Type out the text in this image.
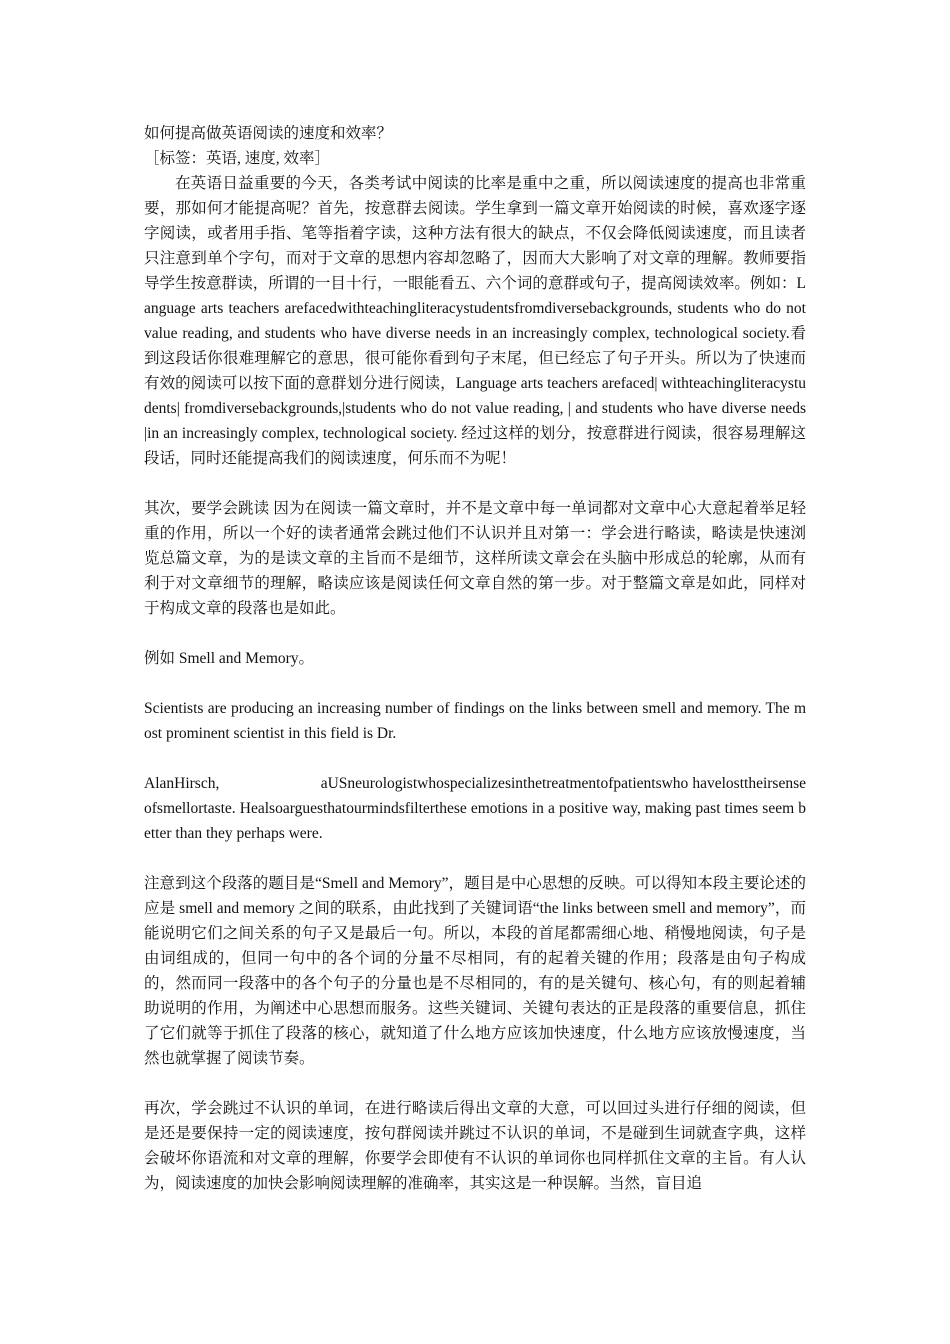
如何提高做英语阅读的速度和效率？

［标签：英语, 速度, 效率］

在英语日益重要的今天，各类考试中阅读的比率是重中之重，所以阅读速度的提高也非常重要，那如何才能提高呢？首先，按意群去阅读。学生拿到一篇文章开始阅读的时候，喜欢逐字逐字阅读，或者用手指、笔等指着字读，这种方法有很大的缺点，不仅会降低阅读速度，而且读者只注意到单个字句，而对于文章的思想内容却忽略了，因而大大影响了对文章的理解。教师要指导学生按意群读，所谓的一目十行，一眼能看五、六个词的意群或句子，提高阅读效率。例如：Language arts teachers arefacedwithteachingliteracystudentsfromdiversebackgrounds, students who do not value reading, and students who have diverse needs in an increasingly complex, technological society.看到这段话你很难理解它的意思，很可能你看到句子末尾，但已经忘了句子开头。所以为了快速而有效的阅读可以按下面的意群划分进行阅读，Language arts teachers arefaced| withteachingliteracystudents| fromdiversebackgrounds,|students who do not value reading, | and students who have diverse needs |in an increasingly complex, technological society. 经过这样的划分，按意群进行阅读，很容易理解这段话，同时还能提高我们的阅读速度，何乐而不为呢！

其次，要学会跳读 因为在阅读一篇文章时，并不是文章中每一单词都对文章中心大意起着举足轻重的作用，所以一个好的读者通常会跳过他们不认识并且对第一：学会进行略读，略读是快速浏览总篇文章，为的是读文章的主旨而不是细节，这样所读文章会在头脑中形成总的轮廓，从而有利于对文章细节的理解，略读应该是阅读任何文章自然的第一步。对于整篇文章是如此，同样对于构成文章的段落也是如此。

例如 Smell and Memory。

Scientists are producing an increasing number of findings on the links between smell and memory. The most prominent scientist in this field is Dr.

AlanHirsch,                         aUSneurologistwhospecializesinthetreatmentofpatientswho havelosttheirsenseofsmellortaste. Healsoarguesthatourmindsfilterthese emotions in a positive way, making past times seem better than they perhaps were.

注意到这个段落的题目是“Smell and Memory”，题目是中心思想的反映。可以得知本段主要论述的应是 smell and memory 之间的联系，由此找到了关键词语“the links between smell and memory”，而能说明它们之间关系的句子又是最后一句。所以，本段的首尾都需细心地、稍慢地阅读，句子是由词组成的，但同一句中的各个词的分量不尽相同，有的起着关键的作用；段落是由句子构成的，然而同一段落中的各个句子的分量也是不尽相同的，有的是关键句、核心句，有的则起着辅助说明的作用，为阐述中心思想而服务。这些关键词、关键句表达的正是段落的重要信息，抓住了它们就等于抓住了段落的核心，就知道了什么地方应该加快速度，什么地方应该放慢速度，当然也就掌握了阅读节奏。

再次，学会跳过不认识的单词，在进行略读后得出文章的大意，可以回过头进行仔细的阅读，但是还是要保持一定的阅读速度，按句群阅读并跳过不认识的单词，不是碰到生词就查字典，这样会破坏你语流和对文章的理解，你要学会即使有不认识的单词你也同样抓住文章的主旨。有人认为，阅读速度的加快会影响阅读理解的准确率，其实这是一种误解。当然，盲目追
